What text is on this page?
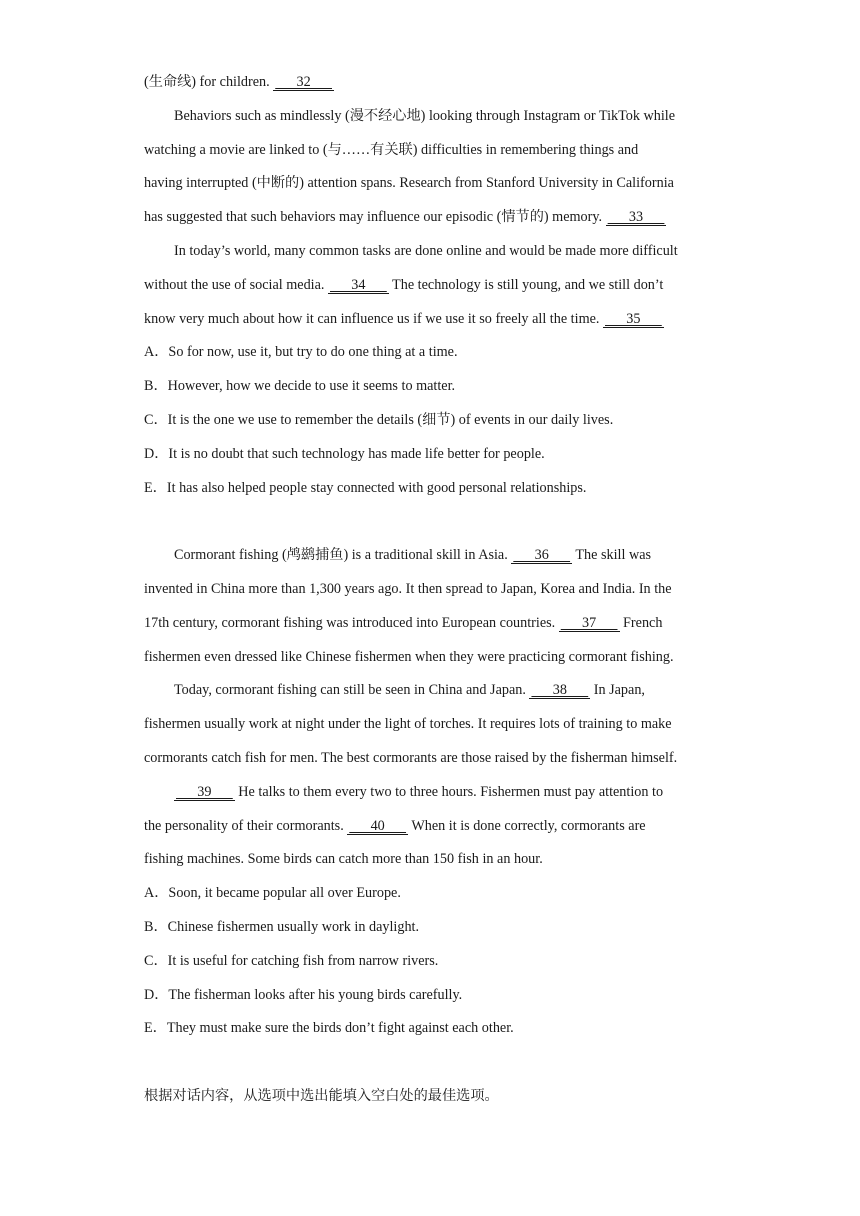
(生命线) for children.       32
Behaviors such as mindlessly (漫不经心地) looking through Instagram or TikTok while
watching a movie are linked to (与……有关联) difficulties in remembering things and
having interrupted (中断的) attention spans. Research from Stanford University in California
has suggested that such behaviors may influence our episodic (情节的) memory.       33
In today’s world, many common tasks are done online and would be made more difficult
without the use of social media.       34       The technology is still young, and we still don’t
know very much about how it can influence us if we use it so freely all the time.       35
A．So for now, use it, but try to do one thing at a time.
B．However, how we decide to use it seems to matter.
C．It is the one we use to remember the details (细节) of events in our daily lives.
D．It is no doubt that such technology has made life better for people.
E．It has also helped people stay connected with good personal relationships.
Cormorant fishing (鸬鹚捕鱼) is a traditional skill in Asia.       36       The skill was
invented in China more than 1,300 years ago. It then spread to Japan, Korea and India. In the
17th century, cormorant fishing was introduced into European countries.       37       French
fishermen even dressed like Chinese fishermen when they were practicing cormorant fishing.
Today, cormorant fishing can still be seen in China and Japan.       38       In Japan,
fishermen usually work at night under the light of torches. It requires lots of training to make
cormorants catch fish for men. The best cormorants are those raised by the fisherman himself.
39       He talks to them every two to three hours. Fishermen must pay attention to
the personality of their cormorants.       40       When it is done correctly, cormorants are
fishing machines. Some birds can catch more than 150 fish in an hour.
A．Soon, it became popular all over Europe.
B．Chinese fishermen usually work in daylight.
C．It is useful for catching fish from narrow rivers.
D．The fisherman looks after his young birds carefully.
E．They must make sure the birds don’t fight against each other.
根据对话内容，从选项中选出能填入空白处的最佳选项。
